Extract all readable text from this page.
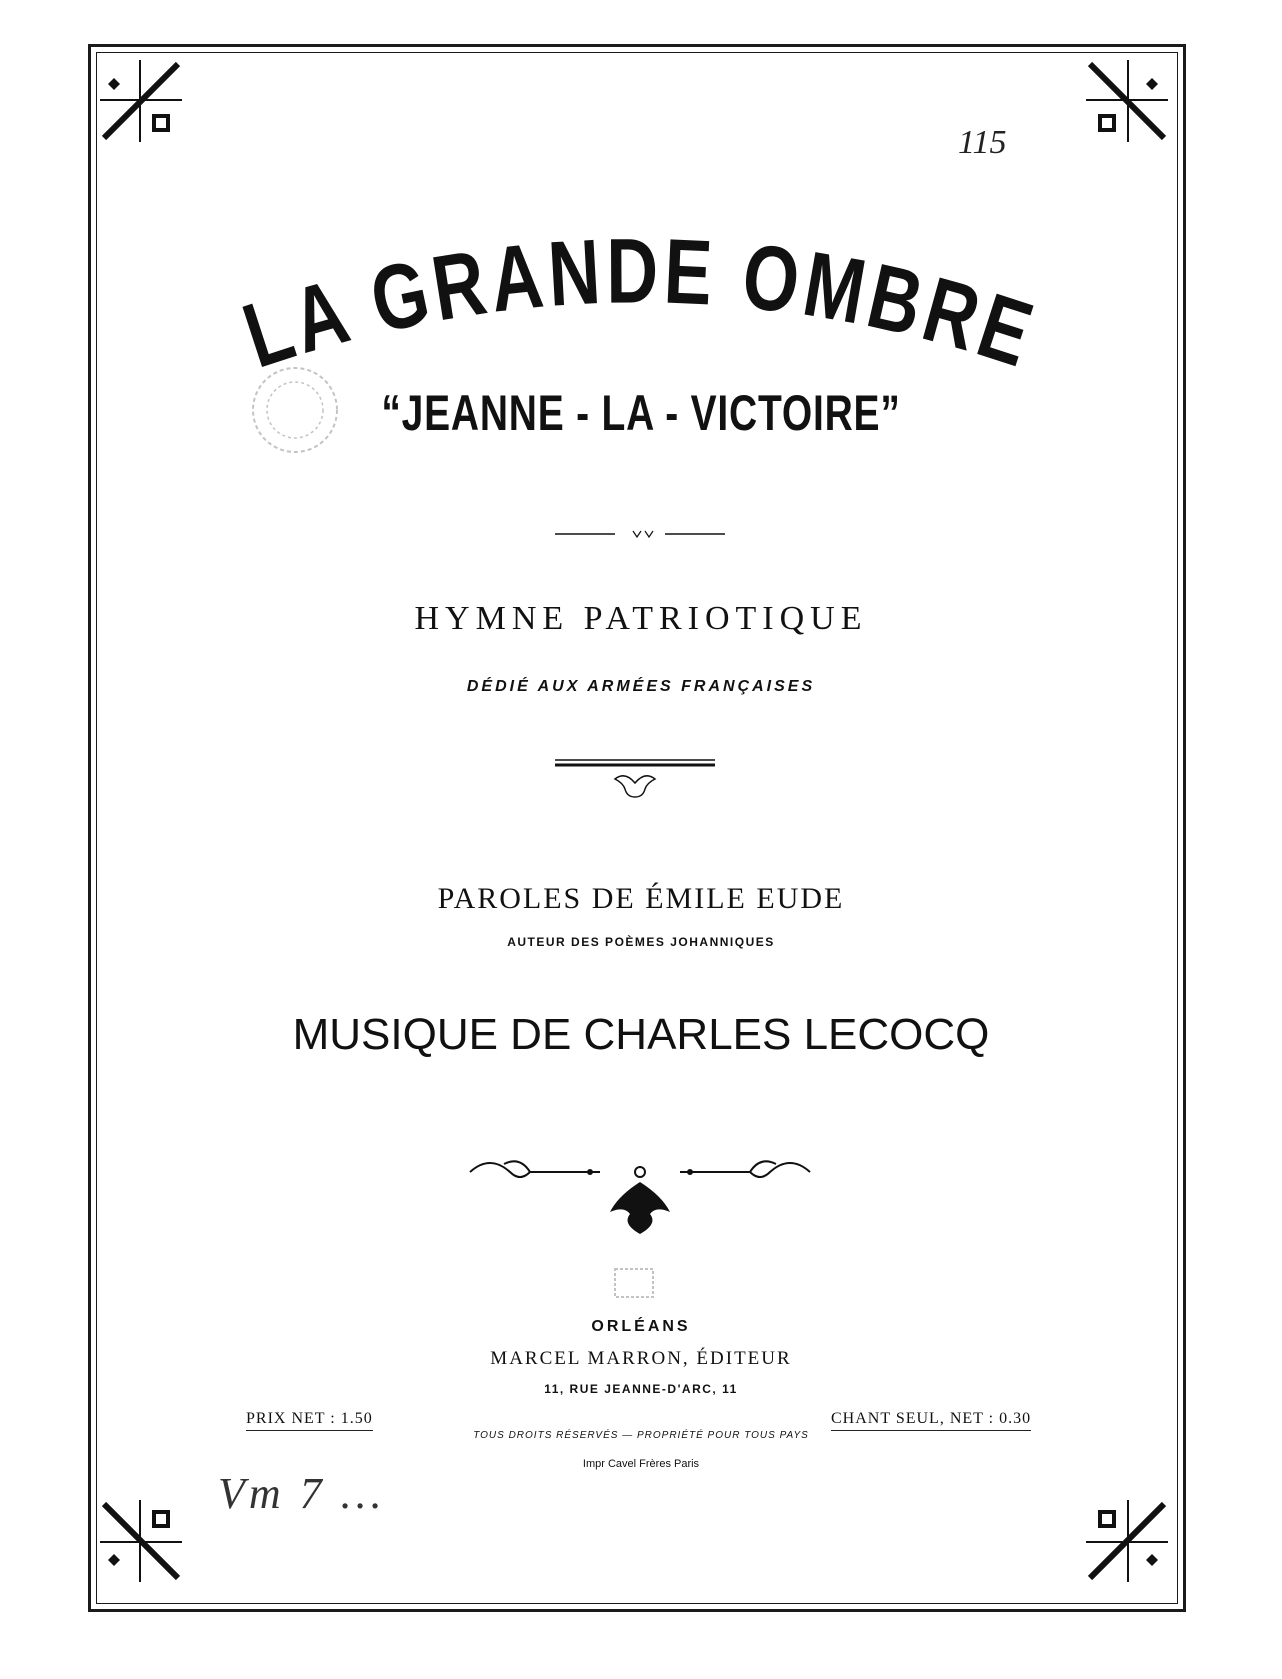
115
LA GRANDE OMBRE
“JEANNE - LA - VICTOIRE”
HYMNE PATRIOTIQUE
DÉDIÉ AUX ARMÉES FRANÇAISES
PAROLES DE ÉMILE EUDE
AUTEUR DES POÈMES JOHANNIQUES
MUSIQUE DE CHARLES LECOCQ
ORLÉANS
MARCEL MARRON, ÉDITEUR
11, RUE JEANNE-D'ARC, 11
PRIX NET : 1.50	CHANT SEUL, NET : 0.30
TOUS DROITS RÉSERVÉS — PROPRIÉTÉ POUR TOUS PAYS
Impr Cavel Frères Paris
Vm 7 ...
